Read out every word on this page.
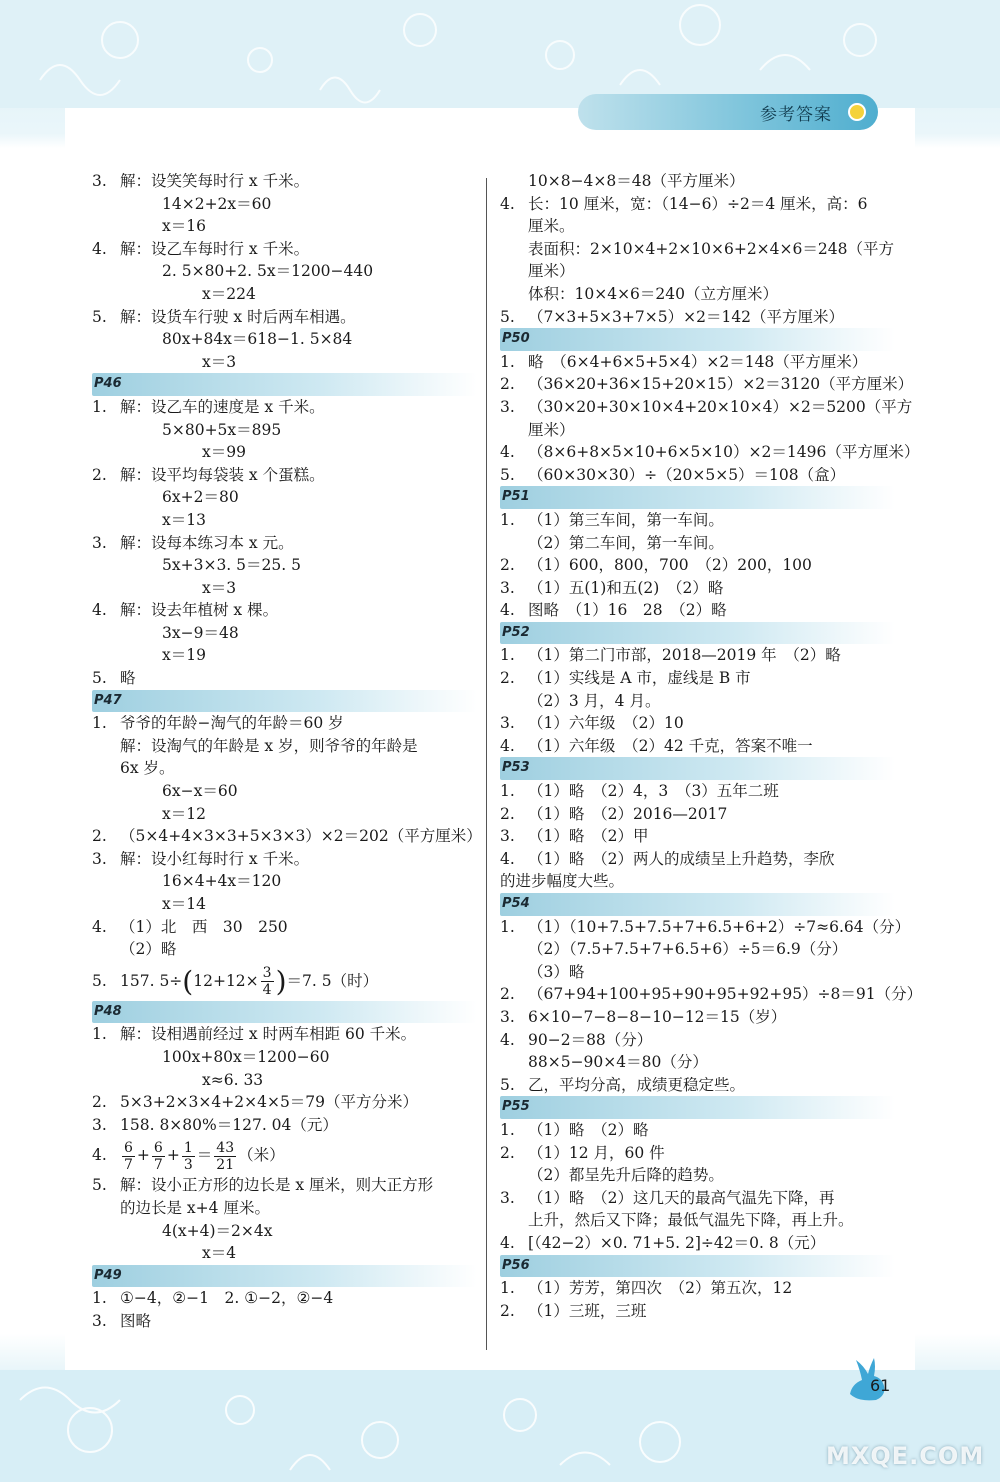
参考答案
3. 解：设笑笑每时行 x 千米。
14×2+2x＝60
x＝16
4. 解：设乙车每时行 x 千米。
2. 5×80+2. 5x＝1200−440
x＝224
5. 解：设货车行驶 x 时后两车相遇。
80x+84x＝618−1. 5×84
x＝3
P46
1. 解：设乙车的速度是 x 千米。
5×80+5x＝895
x＝99
2. 解：设平均每袋装 x 个蛋糕。
6x+2＝80
x＝13
3. 解：设每本练习本 x 元。
5x+3×3. 5＝25. 5
x＝3
4. 解：设去年植树 x 棵。
3x−9＝48
x＝19
5. 略
P47
1. 爷爷的年龄−淘气的年龄＝60 岁
解：设淘气的年龄是 x 岁，则爷爷的年龄是
6x 岁。
6x−x＝60
x＝12
2. （5×4+4×3×3+5×3×3）×2＝202（平方厘米）
3. 解：设小红每时行 x 千米。
16×4+4x＝120
x＝14
4. （1）北　西　30　250
（2）略
5. 157. $5\div(12+12\times \frac{3}{4} )=7$. 5（时）
P48
1. 解：设相遇前经过 x 时两车相距 60 千米。
100x+80x＝1200−60
x≈6. 33
2. 5×3+2×3×4+2×4×5＝79（平方分米）
3. 158. 8×80%＝127. 04（元）
4. $\frac{6}{7} + \frac{6}{7} + \frac{1}{3} = \frac{43}{21}$ （米）
5. 解：设小正方形的边长是 x 厘米，则大正方形
的边长是 x+4 厘米。
4(x+4)＝2×4x
x＝4
P49
1. ①−4，②−1　2. ①−2，②−4
3. 图略
10×8−4×8＝48（平方厘米）
4. 长：10 厘米，宽：（14−6）÷2＝4 厘米，高：6
厘米。
表面积：2×10×4+2×10×6+2×4×6＝248（平方
厘米）
体积：10×4×6＝240（立方厘米）
5. （7×3+5×3+7×5）×2＝142（平方厘米）
P50
1. 略　（6×4+6×5+5×4）×2＝148（平方厘米）
2. （36×20+36×15+20×15）×2＝3120（平方厘米）
3. （30×20+30×10×4+20×10×4）×2＝5200（平方
厘米）
4. （8×6+8×5×10+6×5×10）×2＝1496（平方厘米）
5. （60×30×30）÷（20×5×5）＝108（盒）
P51
1. （1）第三车间，第一车间。
（2）第二车间，第一车间。
2. （1）600，800，700　（2）200，100
3. （1）五(1)和五(2)　（2）略
4. 图略　（1）16　28　（2）略
P52
1. （1）第二门市部，2018—2019 年　（2）略
2. （1）实线是 A 市，虚线是 B 市
（2）3 月，4 月。
3. （1）六年级　（2）10
4. （1）六年级　（2）42 千克，答案不唯一
P53
1. （1）略　（2）4，3　（3）五年二班
2. （1）略　（2）2016—2017
3. （1）略　（2）甲
4. （1）略　（2）两人的成绩呈上升趋势，李欣
的进步幅度大些。
P54
1. （1）（10+7.5+7.5+7+6.5+6+2）÷7≈6.64（分）
（2）（7.5+7.5+7+6.5+6）÷5＝6.9（分）
（3）略
2. （67+94+100+95+90+95+92+95）÷8＝91（分）
3. 6×10−7−8−8−10−12＝15（岁）
4. 90−2＝88（分）
88×5−90×4＝80（分）
5. 乙，平均分高，成绩更稳定些。
P55
1. （1）略　（2）略
2. （1）12 月，60 件
（2）都呈先升后降的趋势。
3. （1）略　（2）这几天的最高气温先下降，再
上升，然后又下降；最低气温先下降，再上升。
4. [（42−2）×0. 71+5. 2]÷42＝0. 8（元）
P56
1. （1）芳芳，第四次　（2）第五次，12
2. （1）三班，三班
61
MXQE.COM
